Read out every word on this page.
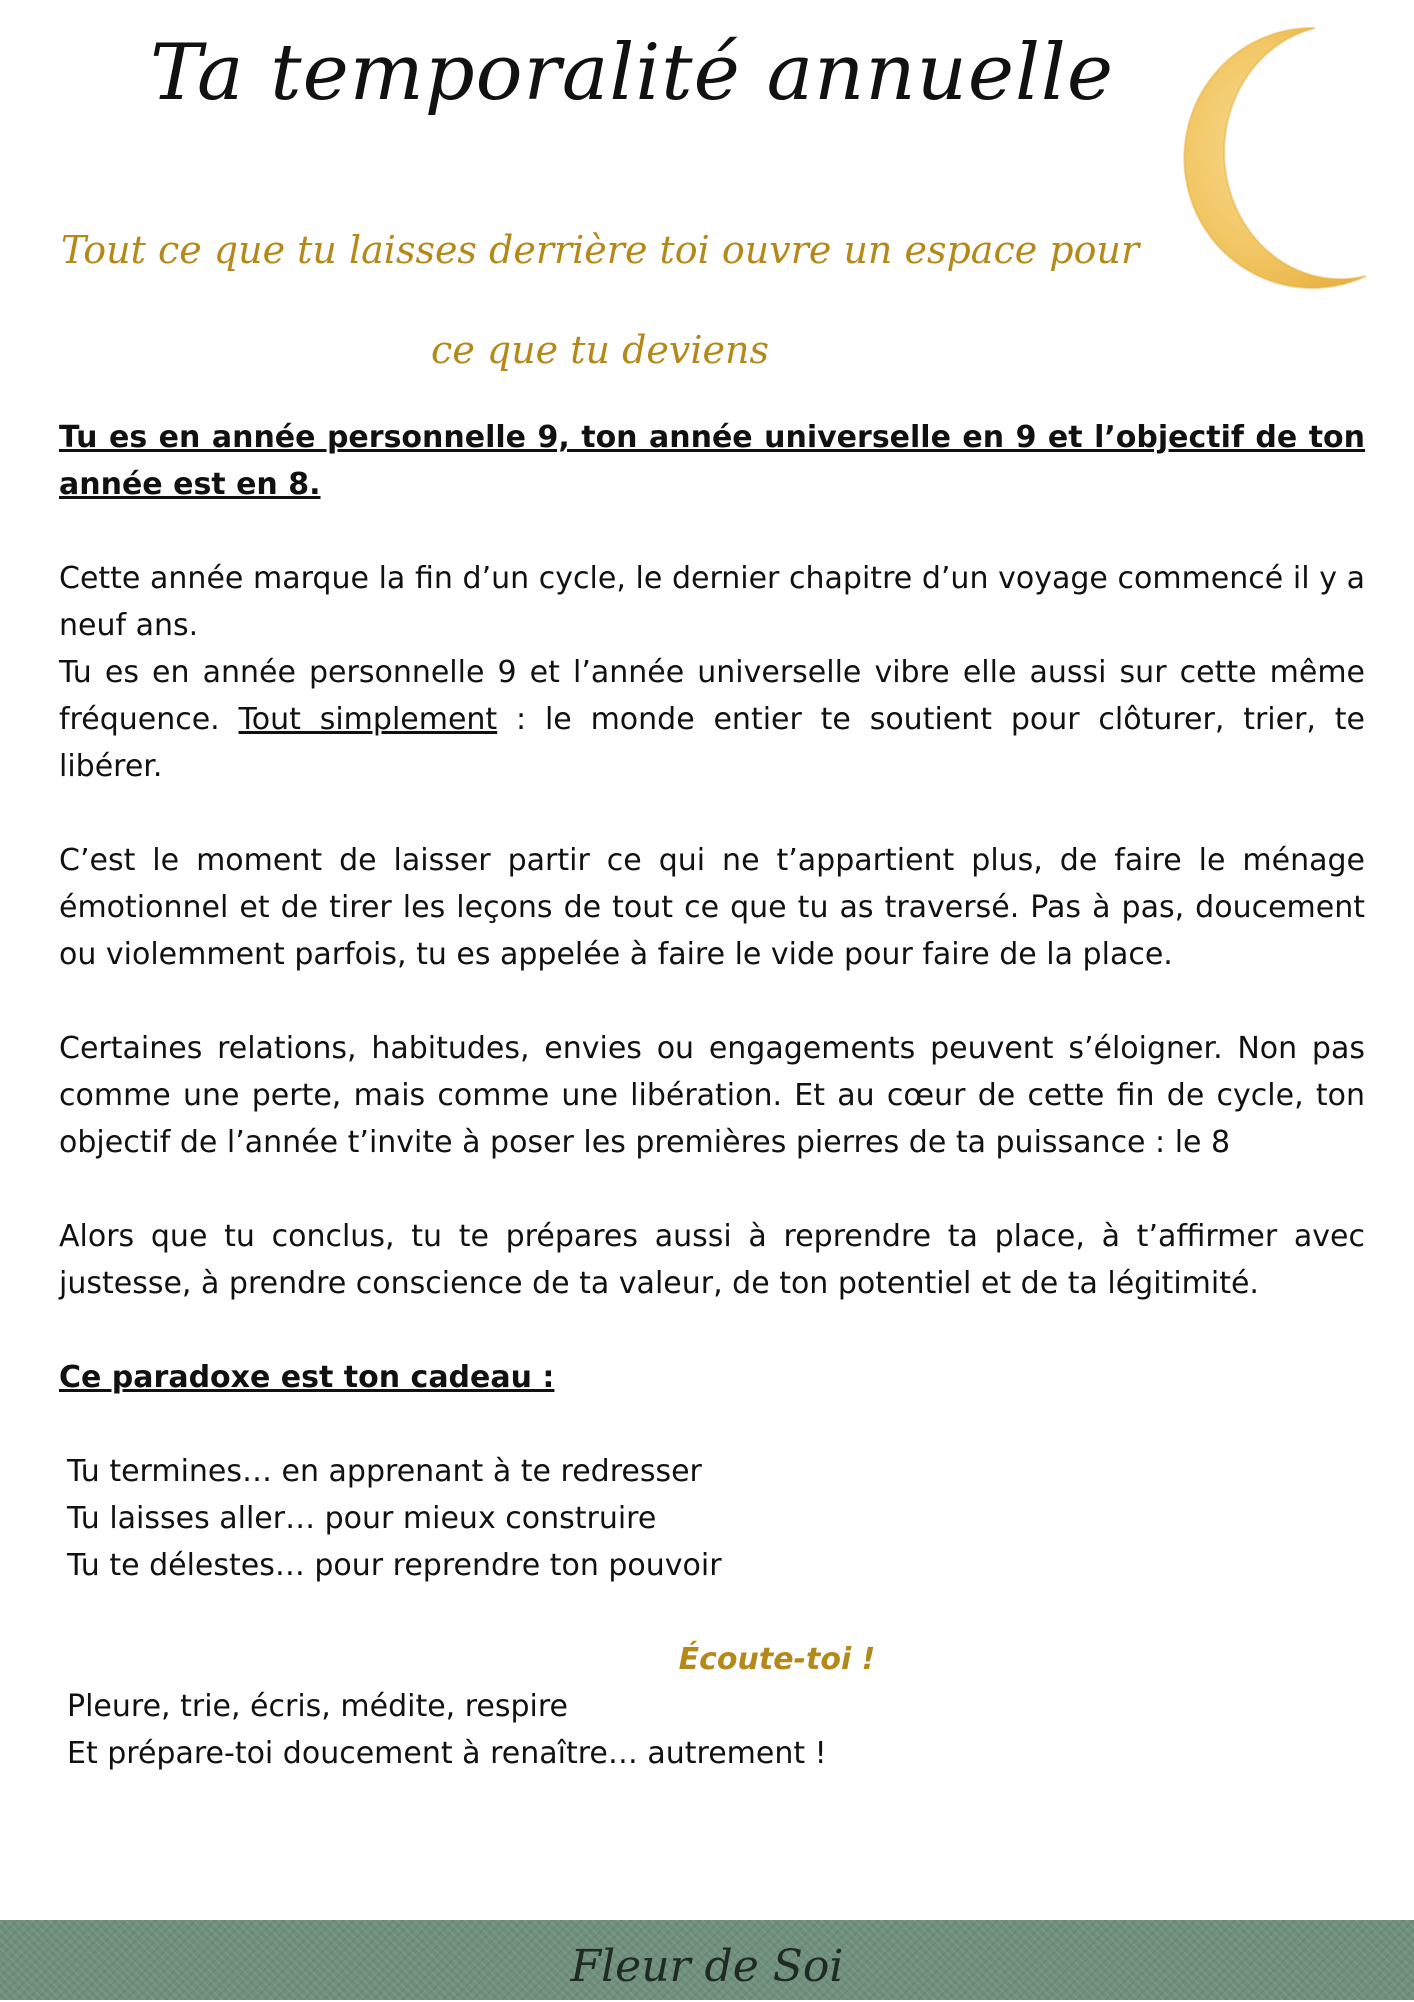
Ta temporalité annuelle

Tout ce que tu laisses derrière toi ouvre un espace pour ce que tu deviens

Tu es en année personnelle 9, ton année universelle en 9 et l’objectif de ton année est en 8.

Cette année marque la fin d’un cycle, le dernier chapitre d’un voyage commencé il y a neuf ans.

Tu es en année personnelle 9 et l’année universelle vibre elle aussi sur cette même fréquence. Tout simplement : le monde entier te soutient pour clôturer, trier, te libérer.

C’est le moment de laisser partir ce qui ne t’appartient plus, de faire le ménage émotionnel et de tirer les leçons de tout ce que tu as traversé. Pas à pas, doucement ou violemment parfois, tu es appelée à faire le vide pour faire de la place.

Certaines relations, habitudes, envies ou engagements peuvent s’éloigner. Non pas comme une perte, mais comme une libération. Et au cœur de cette fin de cycle, ton objectif de l’année t’invite à poser les premières pierres de ta puissance : le 8

Alors que tu conclus, tu te prépares aussi à reprendre ta place, à t’affirmer avec justesse, à prendre conscience de ta valeur, de ton potentiel et de ta légitimité.

Ce paradoxe est ton cadeau :

Tu termines… en apprenant à te redresser

Tu laisses aller… pour mieux construire

Tu te délestes… pour reprendre ton pouvoir

Écoute-toi !

Pleure, trie, écris, médite, respire

Et prépare-toi doucement à renaître… autrement !

Fleur de Soi
